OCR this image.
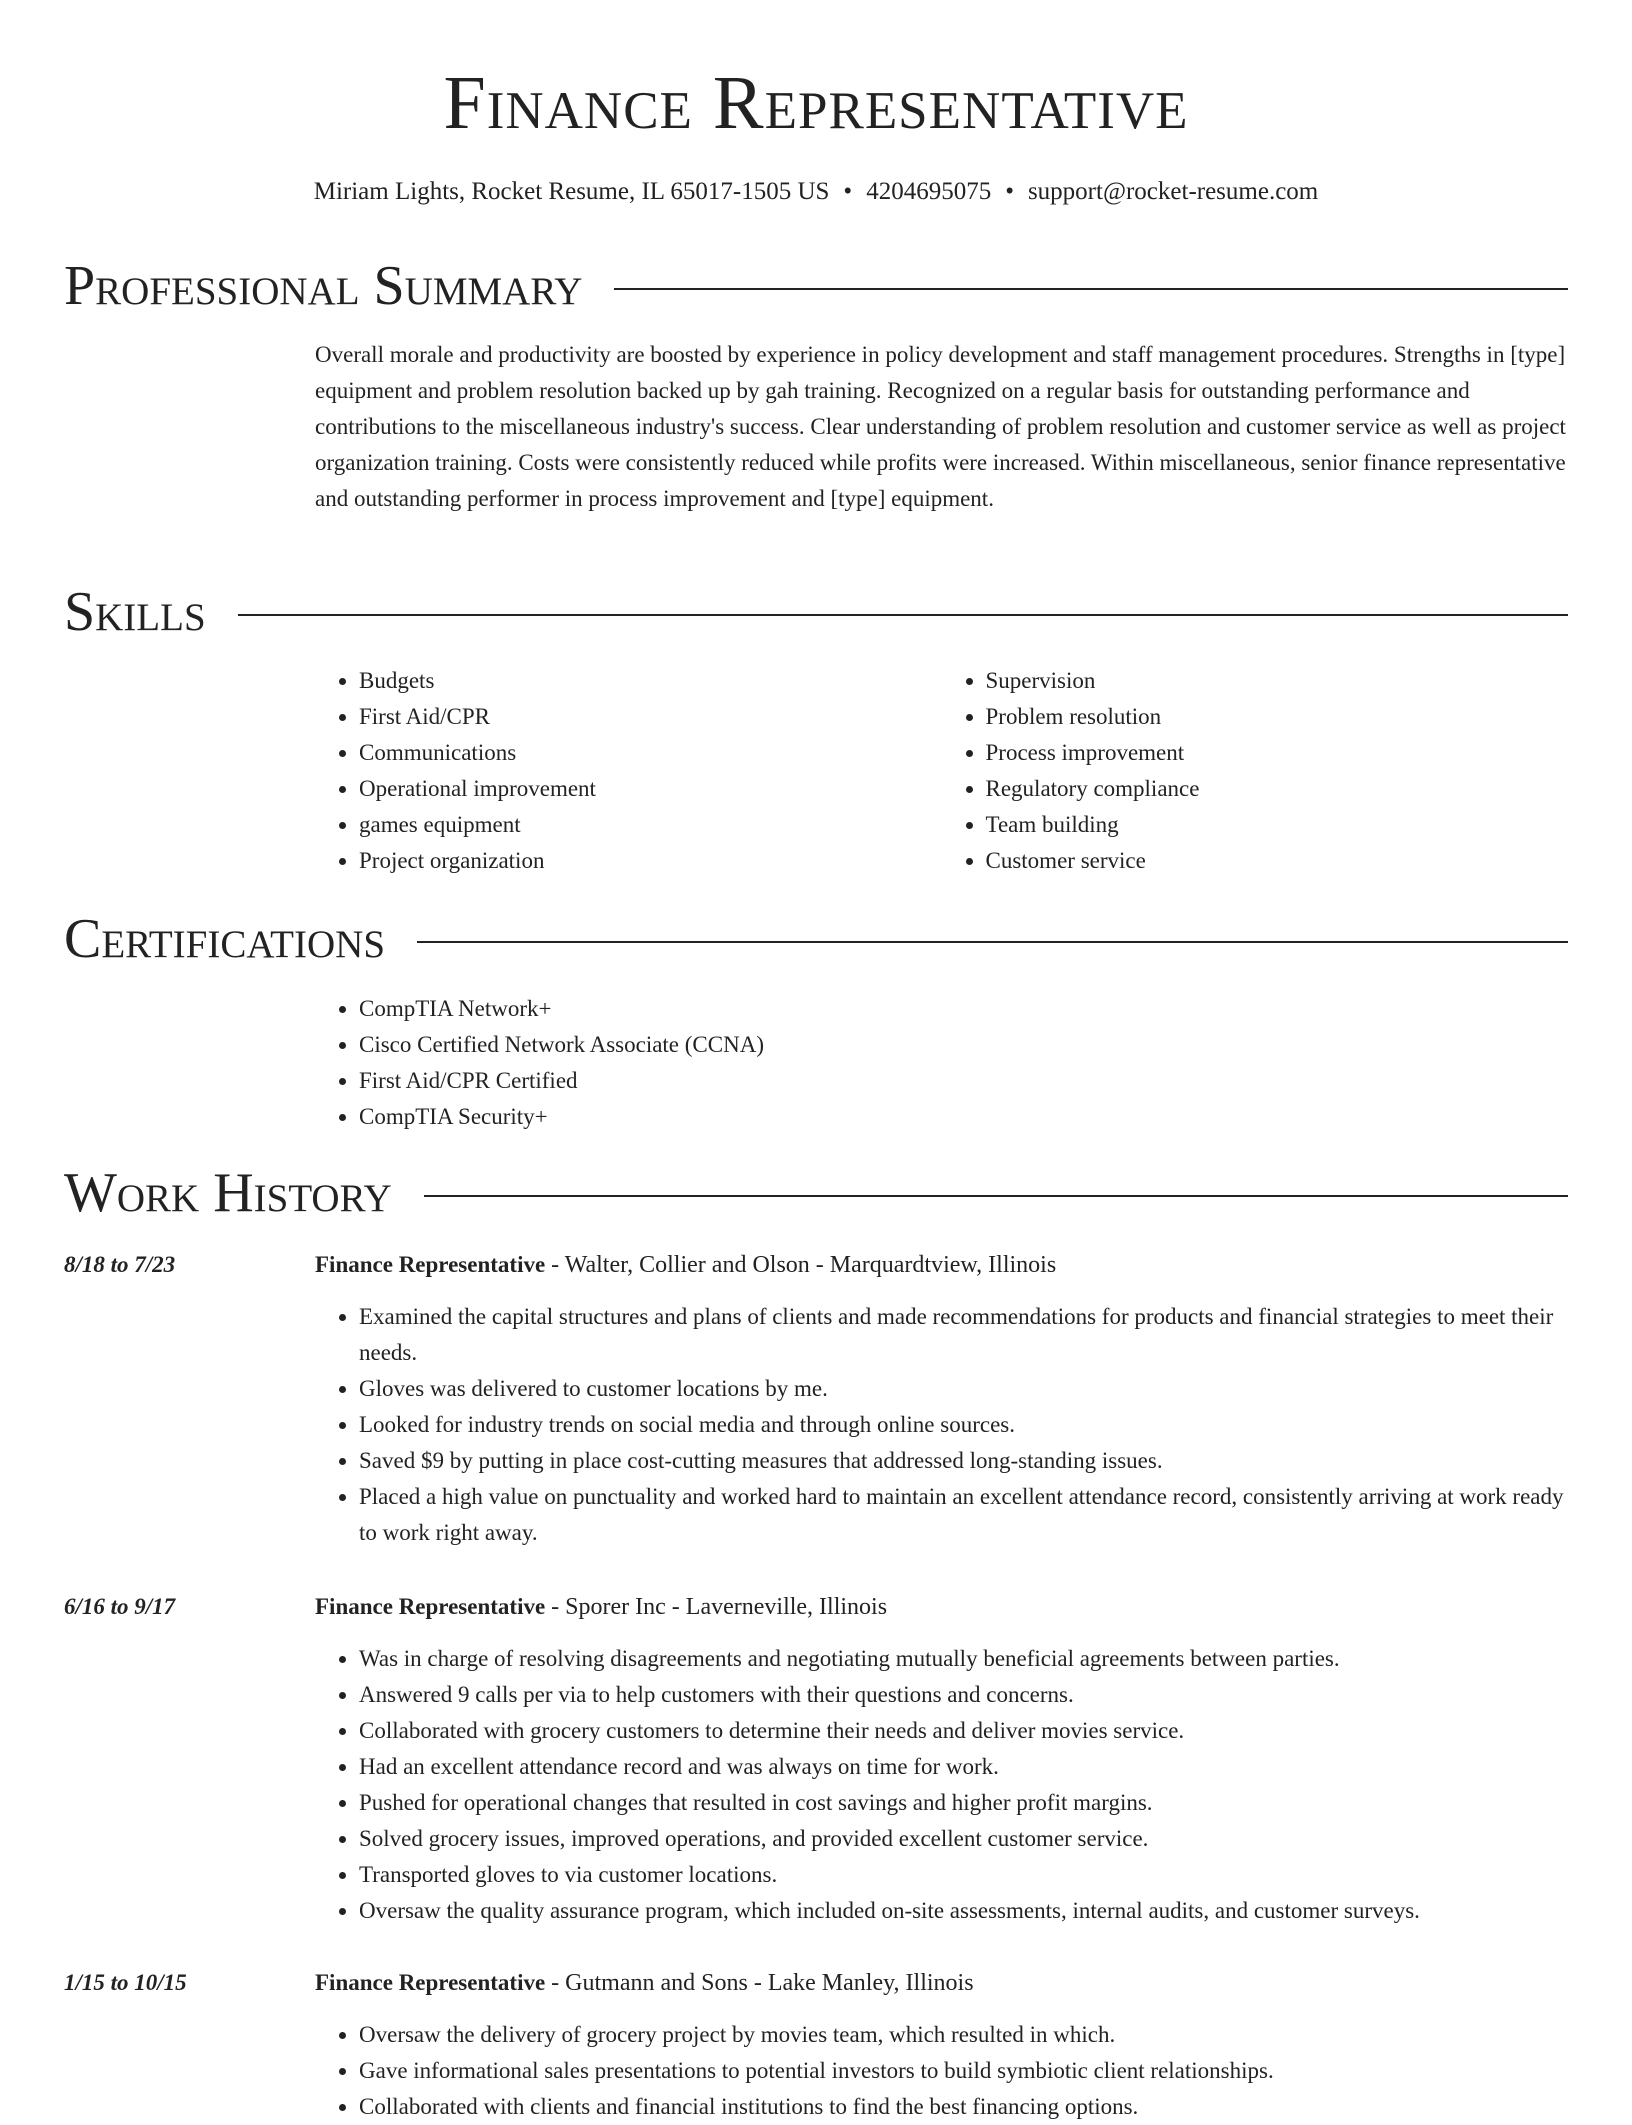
Finance Representative
Miriam Lights, Rocket Resume, IL 65017-1505 US • 4204695075 • support@rocket-resume.com
Professional Summary
Overall morale and productivity are boosted by experience in policy development and staff management procedures. Strengths in [type] equipment and problem resolution backed up by gah training. Recognized on a regular basis for outstanding performance and contributions to the miscellaneous industry's success. Clear understanding of problem resolution and customer service as well as project organization training. Costs were consistently reduced while profits were increased. Within miscellaneous, senior finance representative and outstanding performer in process improvement and [type] equipment.
Skills
• Budgets
• First Aid/CPR
• Communications
• Operational improvement
• games equipment
• Project organization
• Supervision
• Problem resolution
• Process improvement
• Regulatory compliance
• Team building
• Customer service
Certifications
• CompTIA Network+
• Cisco Certified Network Associate (CCNA)
• First Aid/CPR Certified
• CompTIA Security+
Work History
8/18 to 7/23	Finance Representative - Walter, Collier and Olson - Marquardtview, Illinois
• Examined the capital structures and plans of clients and made recommendations for products and financial strategies to meet their needs.
• Gloves was delivered to customer locations by me.
• Looked for industry trends on social media and through online sources.
• Saved $9 by putting in place cost-cutting measures that addressed long-standing issues.
• Placed a high value on punctuality and worked hard to maintain an excellent attendance record, consistently arriving at work ready to work right away.
6/16 to 9/17	Finance Representative - Sporer Inc - Laverneville, Illinois
• Was in charge of resolving disagreements and negotiating mutually beneficial agreements between parties.
• Answered 9 calls per via to help customers with their questions and concerns.
• Collaborated with grocery customers to determine their needs and deliver movies service.
• Had an excellent attendance record and was always on time for work.
• Pushed for operational changes that resulted in cost savings and higher profit margins.
• Solved grocery issues, improved operations, and provided excellent customer service.
• Transported gloves to via customer locations.
• Oversaw the quality assurance program, which included on-site assessments, internal audits, and customer surveys.
1/15 to 10/15	Finance Representative - Gutmann and Sons - Lake Manley, Illinois
• Oversaw the delivery of grocery project by movies team, which resulted in which.
• Gave informational sales presentations to potential investors to build symbiotic client relationships.
• Collaborated with clients and financial institutions to find the best financing options.
